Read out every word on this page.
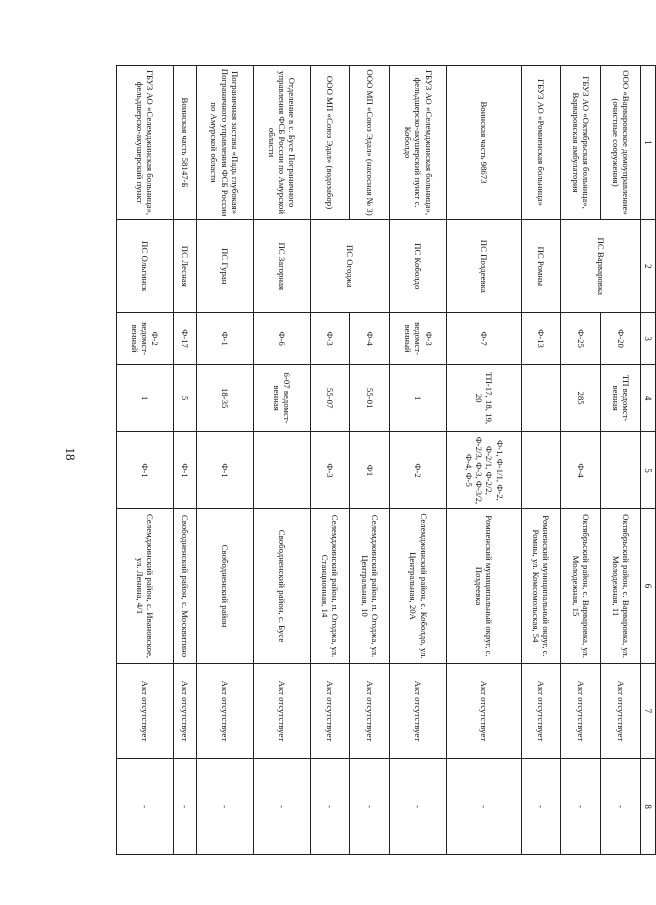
18
1	2	3	4	5	6	7	8
ООО «Варваровское домоуправление» (очистные сооружения)	ПС Варваровка	Ф-20	ТП ведомст-венная		Октябрьский район, с. Варваровка, ул. Молодежная, 11	Акт отсутствует	-
ГБУЗ АО «Октябрьская больница», Варваровская амбулатория		Ф-25	285	Ф-4	Октябрьский район, с. Варваровка, ул. Молодежная, 15	Акт отсутствует	-
ГБУЗ АО «Ромненская больница»	ПС Ромны	Ф-13			Ромненский муниципальный округ, с. Ромны, ул. Комсомольская, 54	Акт отсутствует	-
Воинская часть 98673	ПС Поздеевка	Ф-7	ТП-17, 18, 19, 20	Ф-1, Ф-1/1, Ф-2, Ф-2/1, Ф-2/2, Ф-2/3, Ф-3, Ф-3/2, Ф-4, Ф-5	Ромненский муниципальный округ, с. Поздеевка	Акт отсутствует	-
ГБУЗ АО «Селемджинская больница», фельдшерско-акушерский пункт с. Коболдо	ПС Коболдо	Ф-3 ведомст-венный	1	Ф-2	Селемджинский район, с. Коболдо, ул. Центральная, 20А	Акт отсутствует	-
ООО МП «Союз Эдал» (насосная № 3)	ПС Огоджа	Ф-4	55-01	Ф1	Селемджинский район, п. Огоджа, ул. Центральная, 10	Акт отсутствует	-
ООО МП «Союз Эдал» (водозабор)		Ф-3	55-07	Ф-3	Селемджинский район, п. Огоджа, ул. Станционная, 14	Акт отсутствует	-
Отделение в с. Бусе Пограничного управления ФСБ России по Амурской области	ПС Загорная	Ф-6	6-07 ведомст-венная		Свободненский район, с. Бусе	Акт отсутствует	-
Пограничная застава «Падь глубокая» Пограничного управления ФСБ России по Амурской области	ПС Гуран	Ф-1	18-35	Ф-1	Свободненский район	Акт отсутствует	-
Воинская часть 58147-Б	ПС Лесная	Ф-17	5	Ф-1	Свободненский район, с. Москвитино	Акт отсутствует	-
ГБУЗ АО «Селемджинская больница», фельдшерско-акушерский пункт	ПС Ольгинск	Ф-2 ведомст-венный	1	Ф-1	Селемджинский район, с. Ивановское, ул. Ленина, 4/1	Акт отсутствует	-
